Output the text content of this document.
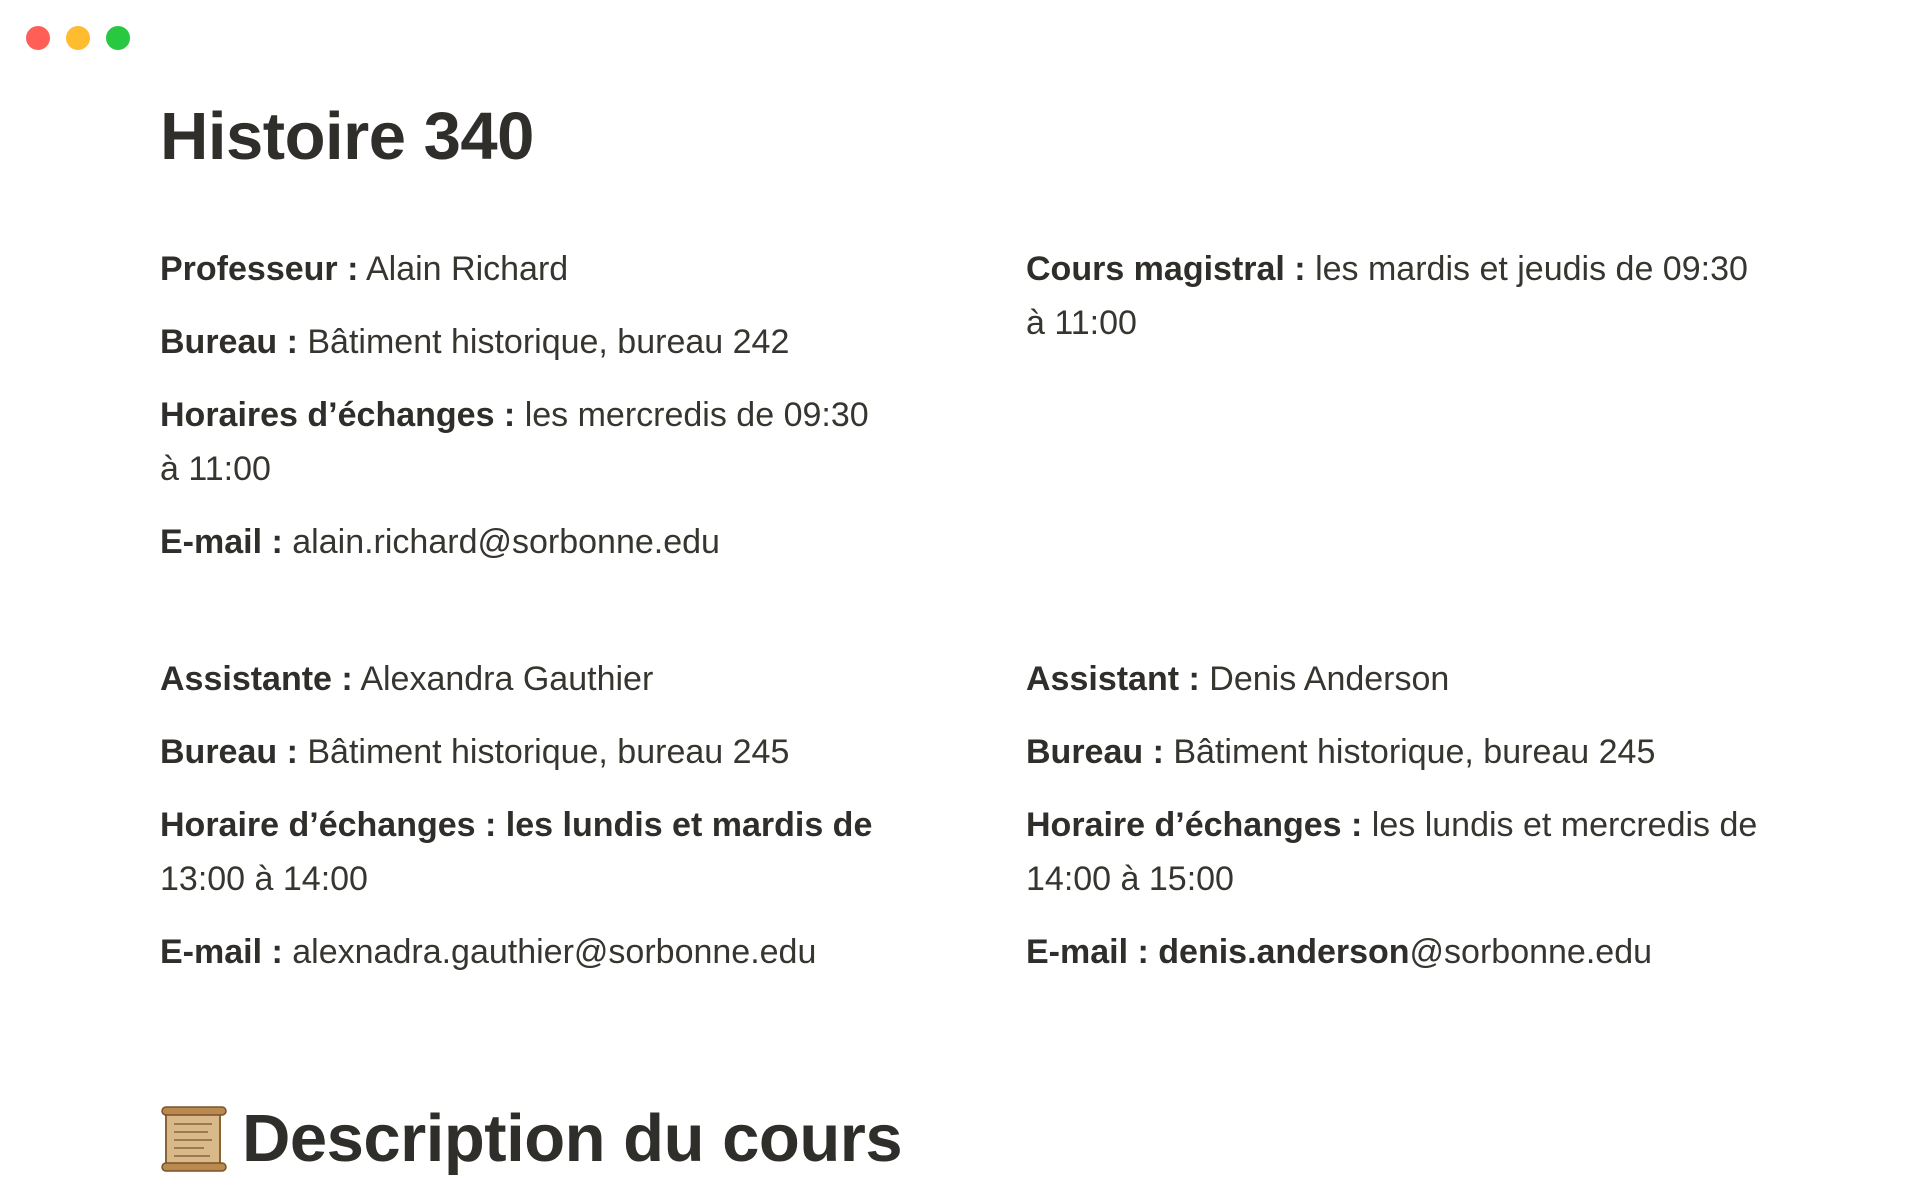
Histoire 340

Professeur : Alain Richard

Bureau : Bâtiment historique, bureau 242

Horaires d’échanges : les mercredis de 09:30 à 11:00

E-mail : alain.richard@sorbonne.edu

Cours magistral : les mardis et jeudis de 09:30 à 11:00

Assistante : Alexandra Gauthier

Bureau : Bâtiment historique, bureau 245

Horaire d’échanges : les lundis et mardis de 13:00 à 14:00

E-mail : alexnadra.gauthier@sorbonne.edu

Assistant : Denis Anderson

Bureau : Bâtiment historique, bureau 245

Horaire d’échanges : les lundis et mercredis de 14:00 à 15:00

E-mail : denis.anderson@sorbonne.edu

Description du cours
